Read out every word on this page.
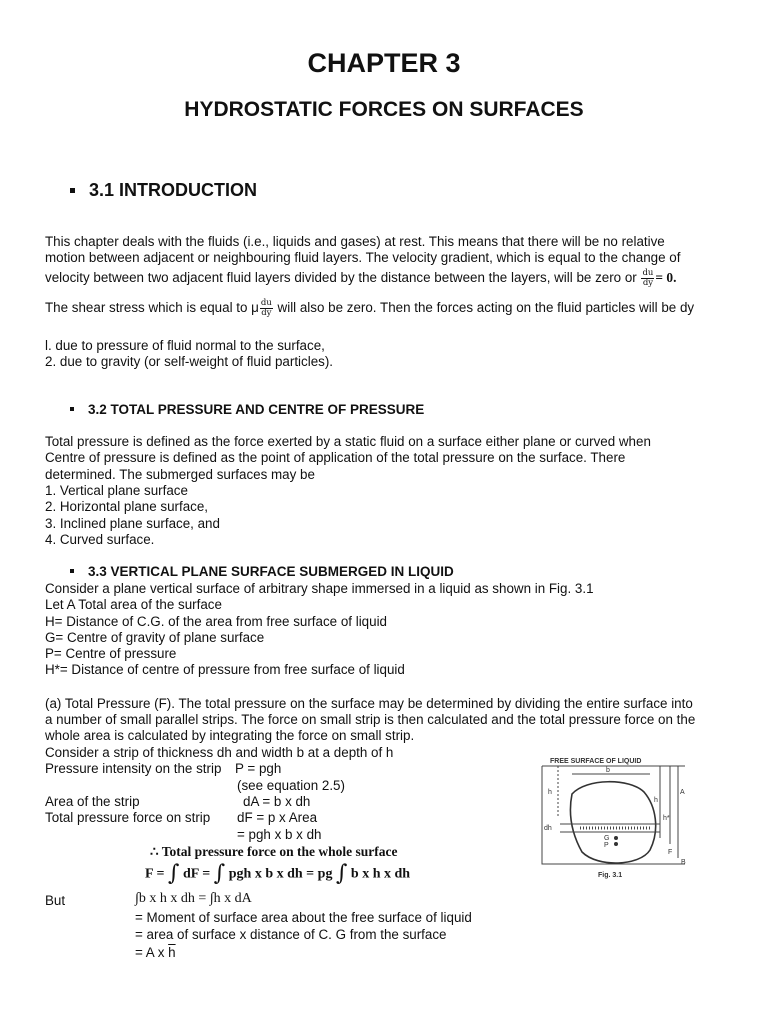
CHAPTER 3
HYDROSTATIC FORCES ON SURFACES
3.1 INTRODUCTION
This chapter deals with the fluids (i.e., liquids and gases) at rest. This means that there will be no relative
motion between adjacent or neighbouring fluid layers. The velocity gradient, which is equal to the change of
velocity between two adjacent fluid layers divided by the distance between the layers, will be zero or $\frac{du}{dy} = 0$.
The shear stress which is equal to μ $\frac{du}{dy}$ will also be zero. Then the forces acting on the fluid particles will be dy
l. due to pressure of fluid normal to the surface,
2. due to gravity (or self-weight of fluid particles).
3.2 TOTAL PRESSURE AND CENTRE OF PRESSURE
Total pressure is defined as the force exerted by a static fluid on a surface either plane or curved when
Centre of pressure is defined as the point of application of the total pressure on the surface. There
determined. The submerged surfaces may be
1. Vertical plane surface
2. Horizontal plane surface,
3. Inclined plane surface, and
4. Curved surface.
3.3 VERTICAL PLANE SURFACE SUBMERGED IN LIQUID
Consider a plane vertical surface of arbitrary shape immersed in a liquid as shown in Fig. 3.1
Let A Total area of the surface
H= Distance of C.G. of the area from free surface of liquid
G= Centre of gravity of plane surface
P= Centre of pressure
H*= Distance of centre of pressure from free surface of liquid
(a) Total Pressure (F). The total pressure on the surface may be determined by dividing the entire surface into
a number of small parallel strips. The force on small strip is then calculated and the total pressure force on the
whole area is calculated by integrating the force on small strip.
Consider a strip of thickness dh and width b at a depth of h
Pressure intensity on the strip P = pgh
(see equation 2.5)
Area of the strip	dA = b x dh
Total pressure force on strip dF = p x Area
= pgh x b x dh
∴ Total pressure force on the whole surface
F = ∫ dF = ∫ pgh x b x dh = pg ∫ b x h x dh
But	∫b x h x dh = ∫h x dA
= Moment of surface area about the free surface of liquid
= area of surface x distance of C. G from the surface
= A x $\overline{h}$
FREE SURFACE OF LIQUID
b
h
h
h*
dh
G
P
A
B
F
Fig. 3.1
